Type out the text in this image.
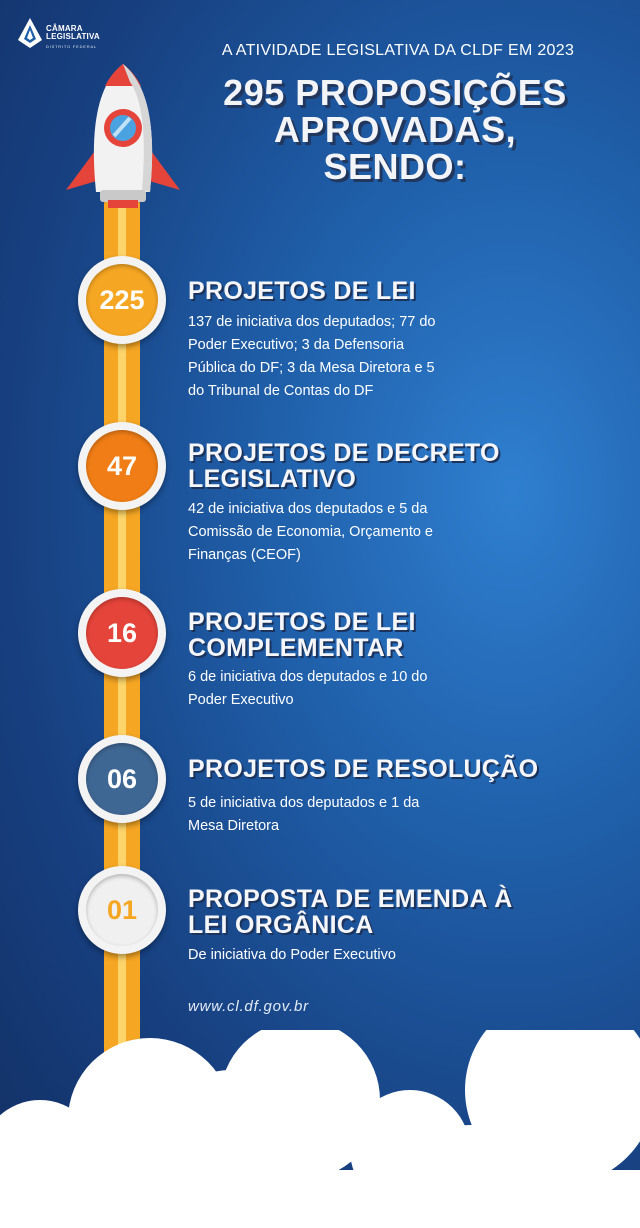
CÂMARA
LEGISLATIVA
DISTRITO FEDERAL	A ATIVIDADE LEGISLATIVA DA CLDF EM 2023
295 PROPOSIÇÕES
APROVADAS,
SENDO:
225	PROJETOS DE LEI
137 de iniciativa dos deputados; 77 do
Poder Executivo; 3 da Defensoria
Pública do DF; 3 da Mesa Diretora e 5
do Tribunal de Contas do DF
47	PROJETOS DE DECRETO
LEGISLATIVO
42 de iniciativa dos deputados e 5 da
Comissão de Economia, Orçamento e
Finanças (CEOF)
16	PROJETOS DE LEI
COMPLEMENTAR
6 de iniciativa dos deputados e 10 do
Poder Executivo
06	PROJETOS DE RESOLUÇÃO
5 de iniciativa dos deputados e 1 da
Mesa Diretora
01	PROPOSTA DE EMENDA À
LEI ORGÂNICA
De iniciativa do Poder Executivo
www.cl.df.gov.br
